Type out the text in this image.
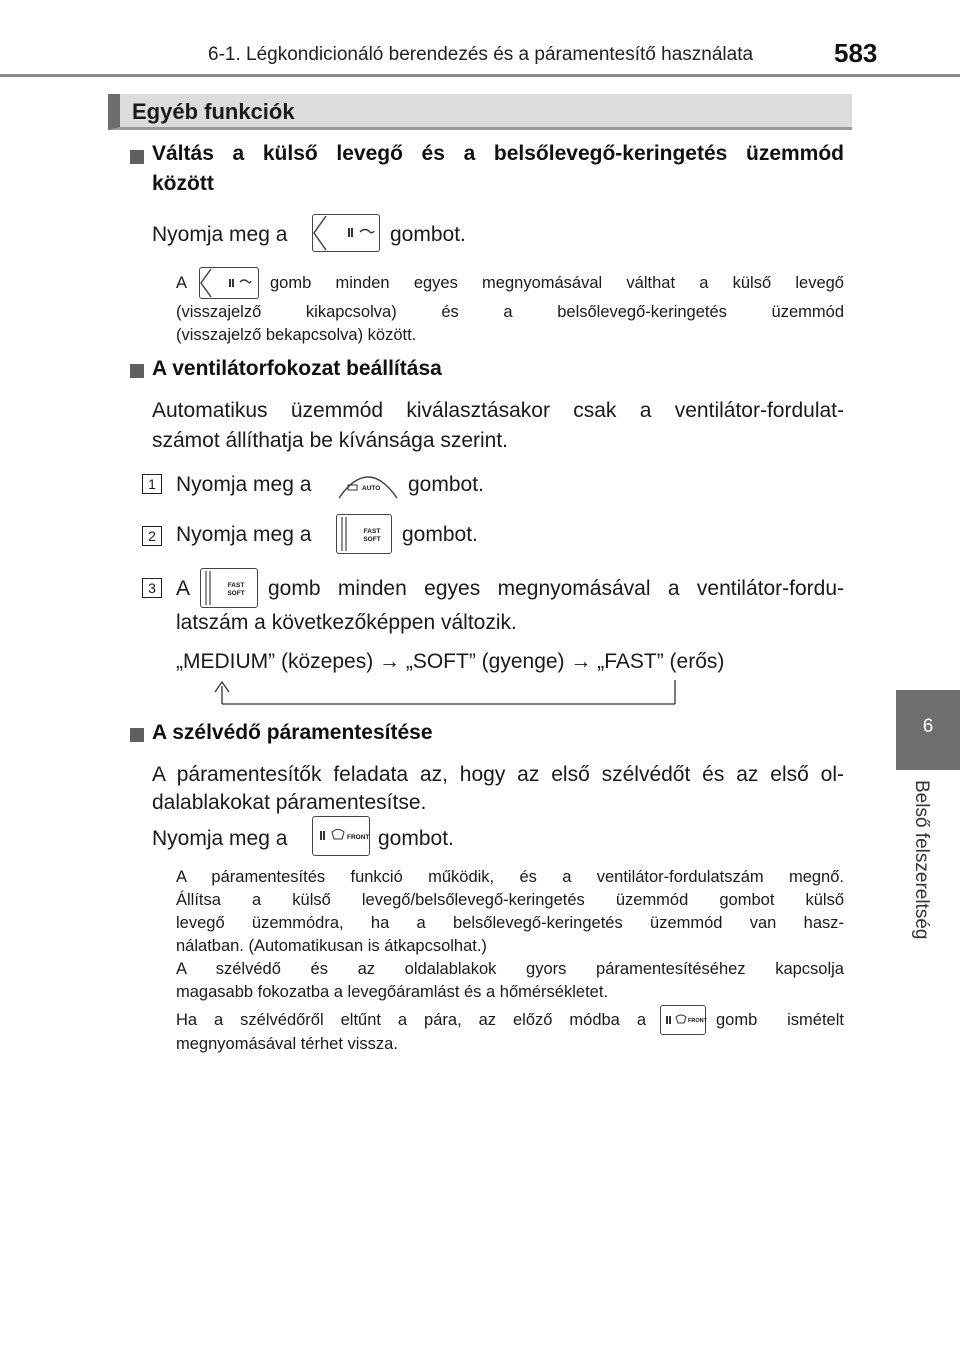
6-1. Légkondicionáló berendezés és a páramentesítő használata	583
6
Belső felszereltség
Egyéb funkciók
Váltás a külső levegő és a belsőlevegő-keringetés üzemmód
között
Nyomja meg a	gombot.
A	gomb minden egyes megnyomásával válthat a külső levegő
(visszajelző kikapcsolva) és a belsőlevegő-keringetés üzemmód
(visszajelző bekapcsolva) között.
A ventilátorfokozat beállítása
Automatikus üzemmód kiválasztásakor csak a ventilátor-fordulat-
számot állíthatja be kívánsága szerint.
1 Nyomja meg a	AUTO gombot.
2 Nyomja meg a	FAST
SOFT gombot.
3 A	FAST
SOFT gomb minden egyes megnyomásával a ventilátor-fordu-
latszám a következőképpen változik.
„MEDIUM” (közepes) → „SOFT” (gyenge) → „FAST” (erős)
A szélvédő páramentesítése
A páramentesítők feladata az, hogy az első szélvédőt és az első ol-
dalablakokat páramentesítse.
Nyomja meg a	FRONT gombot.
A páramentesítés funkció működik, és a ventilátor-fordulatszám megnő.
Állítsa a külső levegő/belsőlevegő-keringetés üzemmód gombot külső
levegő üzemmódra, ha a belsőlevegő-keringetés üzemmód van hasz-
nálatban. (Automatikusan is átkapcsolhat.)
A szélvédő és az oldalablakok gyors páramentesítéséhez kapcsolja
magasabb fokozatba a levegőáramlást és a hőmérsékletet.
Ha a szélvédőről eltűnt a pára, az előző módba a	FRONT gomb ismételt
megnyomásával térhet vissza.
